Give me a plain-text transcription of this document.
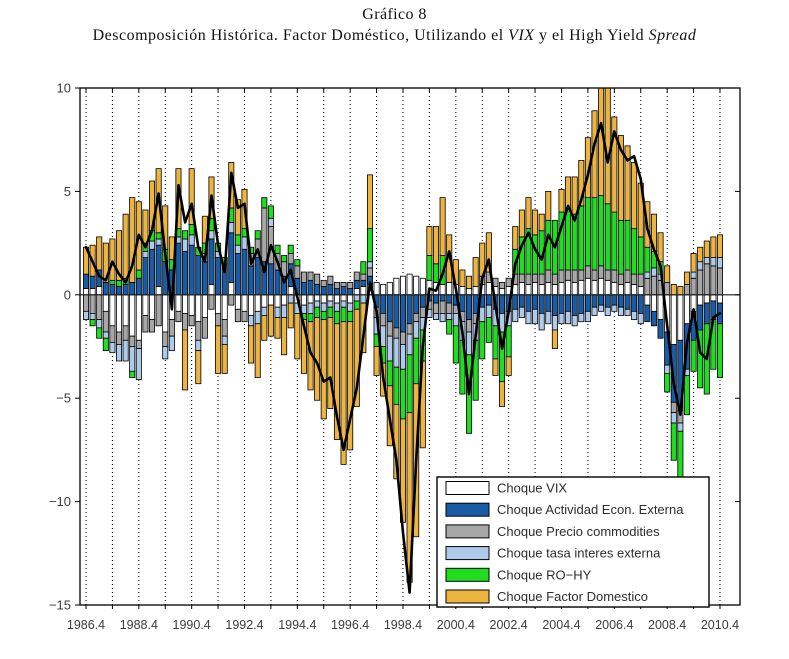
Gráfico 8
Descomposición Histórica. Factor Doméstico, Utilizando el VIX y el High Yield Spread
10
5
0
−5
−10
−15
1986.4 1988.4 1990.4 1992.4 1994.4 1996.4 1998.4 2000.4 2002.4 2004.4 2006.4 2008.4 2010.4
Choque VIX
Choque Actividad Econ. Externa
Choque Precio commodities
Choque tasa interes externa
Choque RO−HY
Choque Factor Domestico
